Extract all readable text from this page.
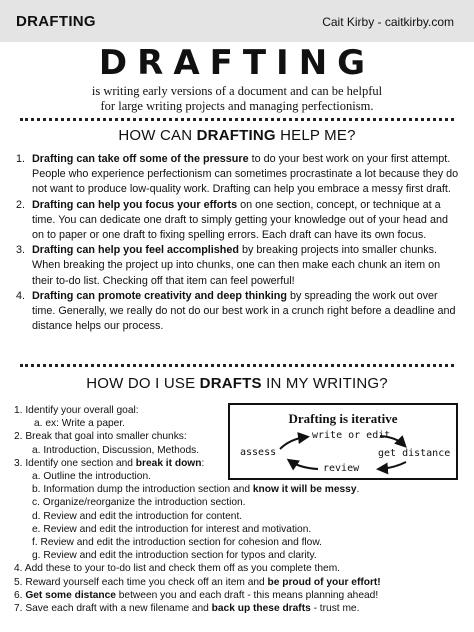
DRAFTING	Cait Kirby - caitkirby.com
DRAFTING
is writing early versions of a document and can be helpful
for large writing projects and managing perfectionism.
HOW CAN DRAFTING HELP ME?
1. Drafting can take off some of the pressure to do your best work on your first attempt. People who experience perfectionism can sometimes procrastinate a lot because they do not want to produce low-quality work. Drafting can help you embrace a messy first draft.
2. Drafting can help you focus your efforts on one section, concept, or technique at a time. You can dedicate one draft to simply getting your knowledge out of your head and on to paper or one draft to fixing spelling errors. Each draft can have its own focus.
3. Drafting can help you feel accomplished by breaking projects into smaller chunks. When breaking the project up into chunks, one can then make each chunk an item on their to-do list. Checking off that item can feel powerful!
4. Drafting can promote creativity and deep thinking by spreading the work out over time. Generally, we really do not do our best work in a crunch right before a deadline and distance helps our process.
HOW DO I USE DRAFTS IN MY WRITING?
1. Identify your overall goal:
a. ex: Write a paper.
2. Break that goal into smaller chunks:
a. Introduction, Discussion, Methods.
3. Identify one section and break it down:
a. Outline the introduction.
b. Information dump the introduction section and know it will be messy.
c. Organize/reorganize the introduction section.
d. Review and edit the introduction for content.
e. Review and edit the introduction for interest and motivation.
f. Review and edit the introduction section for cohesion and flow.
g. Review and edit the introduction section for typos and clarity.
4. Add these to your to-do list and check them off as you complete them.
5. Reward yourself each time you check off an item and be proud of your effort!
6. Get some distance between you and each draft - this means planning ahead!
7. Save each draft with a new filename and back up these drafts - trust me.
Drafting is iterative
write or edit
assess	get distance
review
